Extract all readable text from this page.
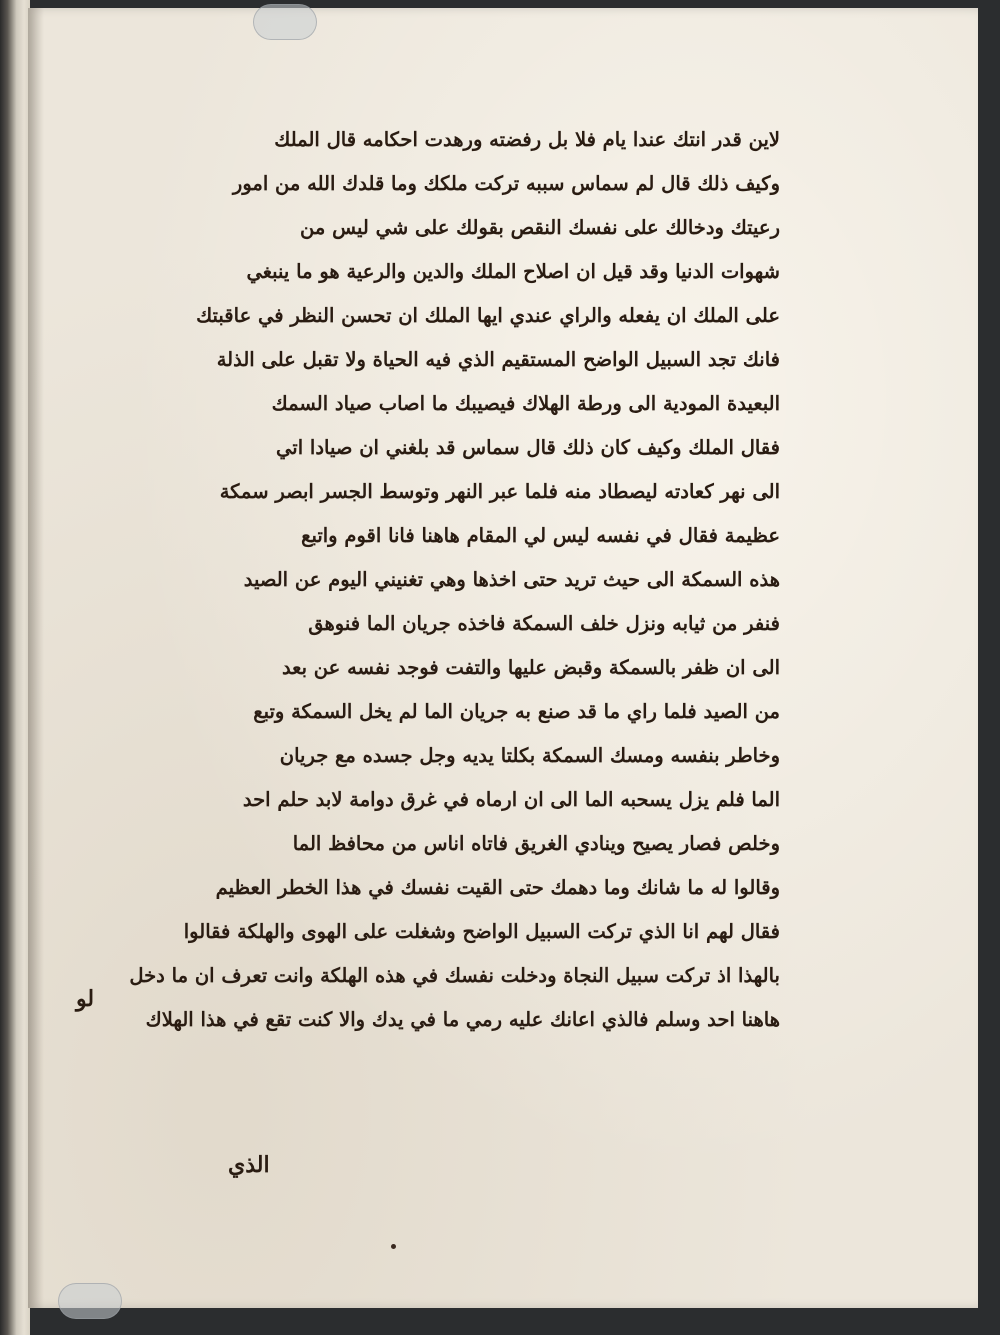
لاين قدر انتك عندا يام فلا بل رفضته ورهدت احكامه قال الملك
وكيف ذلك قال لم سماس سببه تركت ملكك وما قلدك الله من امور
رعيتك ودخالك على نفسك النقص بقولك على شي ليس من
شهوات الدنيا وقد قيل ان اصلاح الملك والدين والرعية هو ما ينبغي
على الملك ان يفعله والراي عندي ايها الملك ان تحسن النظر في عاقبتك
فانك تجد السبيل الواضح المستقيم الذي فيه الحياة ولا تقبل على الذلة
البعيدة المودية الى ورطة الهلاك فيصيبك ما اصاب صياد السمك
فقال الملك وكيف كان ذلك قال سماس قد بلغني ان صيادا اتي
الى نهر كعادته ليصطاد منه فلما عبر النهر وتوسط الجسر ابصر سمكة
عظيمة فقال في نفسه ليس لي المقام هاهنا فانا اقوم واتبع
هذه السمكة الى حيث تريد حتى اخذها وهي تغنيني اليوم عن الصيد
فنفر من ثيابه ونزل خلف السمكة فاخذه جريان الما فنوهق
الى ان ظفر بالسمكة وقبض عليها والتفت فوجد نفسه عن بعد
من الصيد فلما راي ما قد صنع به جريان الما لم يخل السمكة وتبع
وخاطر بنفسه ومسك السمكة بكلتا يديه وجل جسده مع جريان
الما فلم يزل يسحبه الما الى ان ارماه في غرق دوامة لابد حلم احد
وخلص فصار يصيح وينادي الغريق فاتاه اناس من محافظ الما
وقالوا له ما شانك وما دهمك حتى القيت نفسك في هذا الخطر العظيم
فقال لهم انا الذي تركت السبيل الواضح وشغلت على الهوى والهلكة فقالوا
بالهذا اذ تركت سبيل النجاة ودخلت نفسك في هذه الهلكة وانت تعرف ان ما دخل
هاهنا احد وسلم فالذي اعانك عليه رمي ما في يدك والا كنت تقع في هذا الهلاك
لو
الذي
